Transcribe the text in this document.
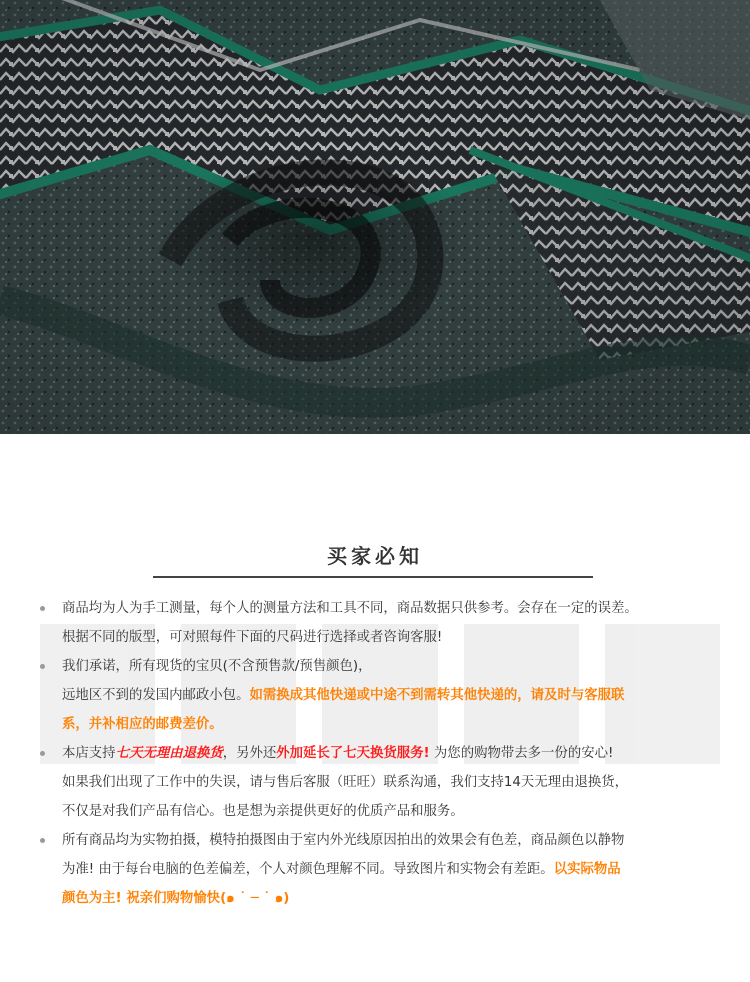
买家必知
商品均为人为手工测量，每个人的测量方法和工具不同，商品数据只供参考。会存在一定的误差。
根据不同的版型，可对照每件下面的尺码进行选择或者咨询客服!
我们承诺，所有现货的宝贝(不含预售款/预售颜色)，
远地区不到的发国内邮政小包。如需换成其他快递或中途不到需转其他快递的，请及时与客服联
系，并补相应的邮费差价。
本店支持七天无理由退换货，另外还外加延长了七天换货服务! 为您的购物带去多一份的安心!
如果我们出现了工作中的失误，请与售后客服（旺旺）联系沟通，我们支持14天无理由退换货，
不仅是对我们产品有信心。也是想为亲提供更好的优质产品和服务。
所有商品均为实物拍摄，模特拍摄图由于室内外光线原因拍出的效果会有色差，商品颜色以静物
为准! 由于每台电脑的色差偏差，个人对颜色理解不同。导致图片和实物会有差距。以实际物品
颜色为主! 祝亲们购物愉快(๑ ˙ ─ ˙ ๑)
